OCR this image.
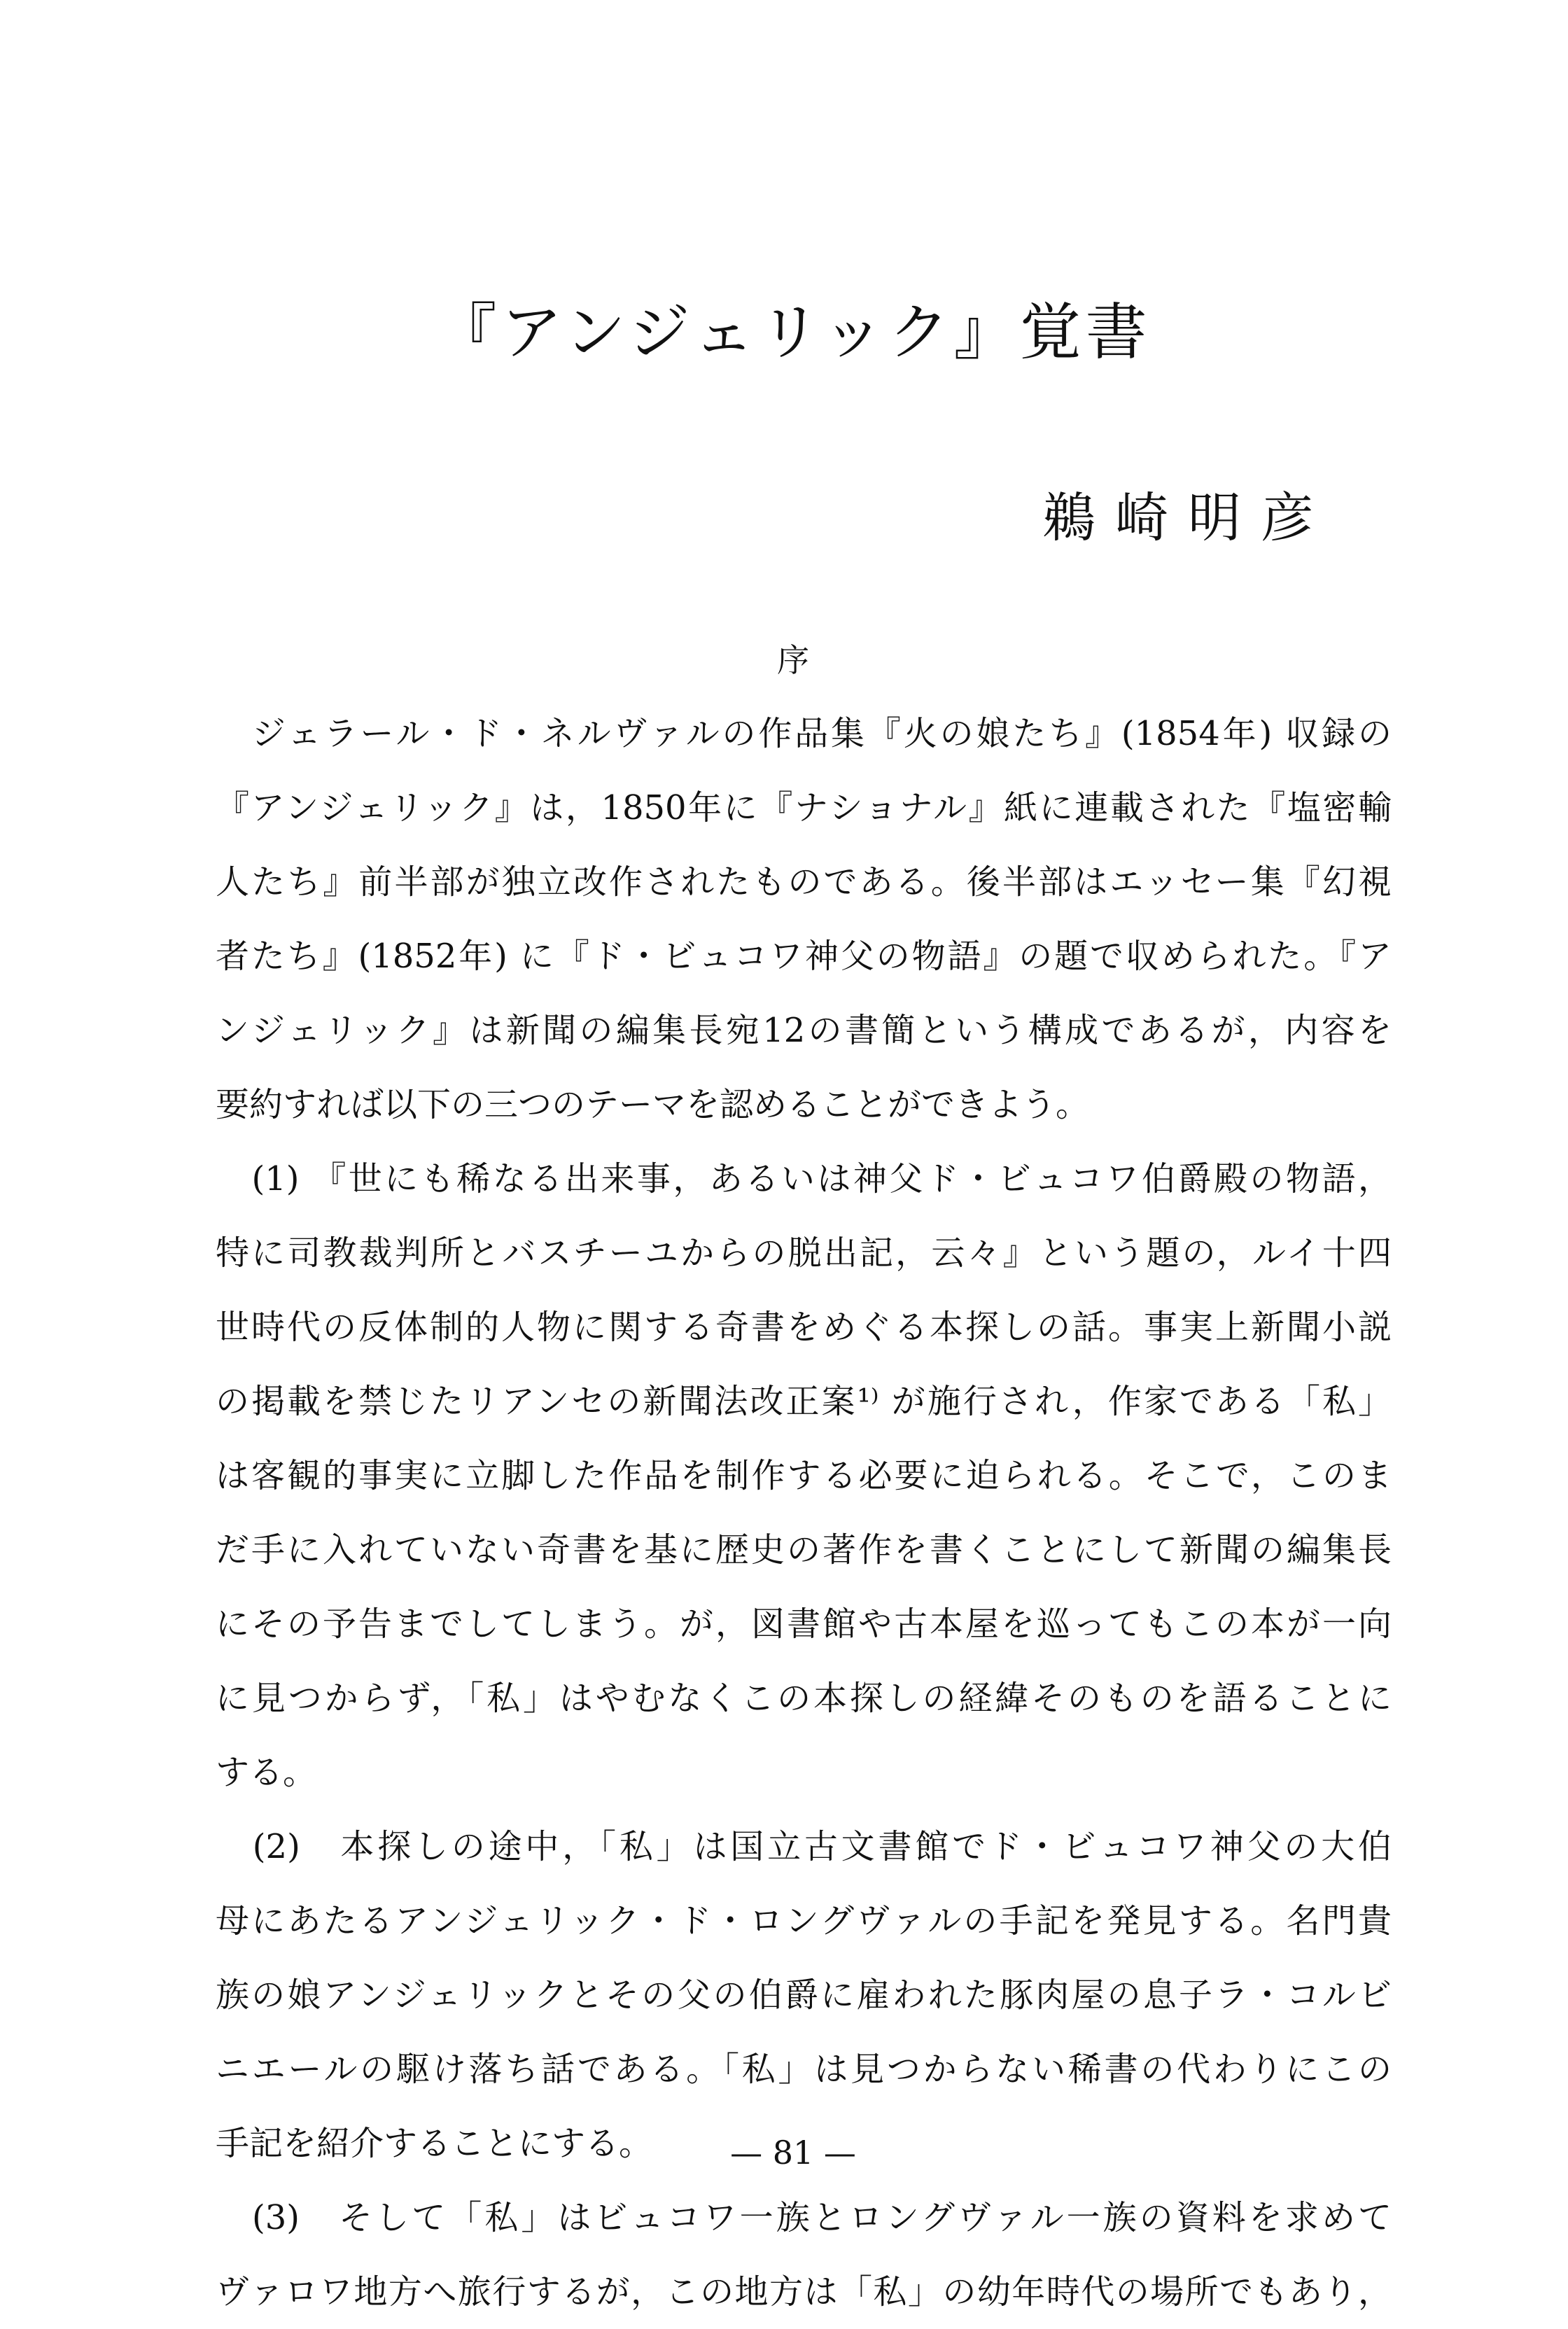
『アンジェリック』覚書
鵜崎明彦
序
　ジェラール・ド・ネルヴァルの作品集『火の娘たち』(1854年) 収録の
『アンジェリック』は，1850年に『ナショナル』紙に連載された『塩密輸
人たち』前半部が独立改作されたものである。後半部はエッセー集『幻視
者たち』(1852年) に『ド・ビュコワ神父の物語』の題で収められた。『ア
ンジェリック』は新聞の編集長宛12の書簡という構成であるが，内容を
要約すれば以下の三つのテーマを認めることができよう。
　(1) 『世にも稀なる出来事，あるいは神父ド・ビュコワ伯爵殿の物語，
特に司教裁判所とバスチーユからの脱出記，云々』という題の，ルイ十四
世時代の反体制的人物に関する奇書をめぐる本探しの話。事実上新聞小説
の掲載を禁じたリアンセの新聞法改正案¹⁾ が施行され，作家である「私」
は客観的事実に立脚した作品を制作する必要に迫られる。そこで，このま
だ手に入れていない奇書を基に歴史の著作を書くことにして新聞の編集長
にその予告までしてしまう。が，図書館や古本屋を巡ってもこの本が一向
に見つからず，「私」はやむなくこの本探しの経緯そのものを語ることに
する。
　(2)　本探しの途中，「私」は国立古文書館でド・ビュコワ神父の大伯
母にあたるアンジェリック・ド・ロングヴァルの手記を発見する。名門貴
族の娘アンジェリックとその父の伯爵に雇われた豚肉屋の息子ラ・コルビ
ニエールの駆け落ち話である。「私」は見つからない稀書の代わりにこの
手記を紹介することにする。
　(3)　そして「私」はビュコワ一族とロングヴァル一族の資料を求めて
ヴァロワ地方へ旅行するが，この地方は「私」の幼年時代の場所でもあり，
— 81 —
